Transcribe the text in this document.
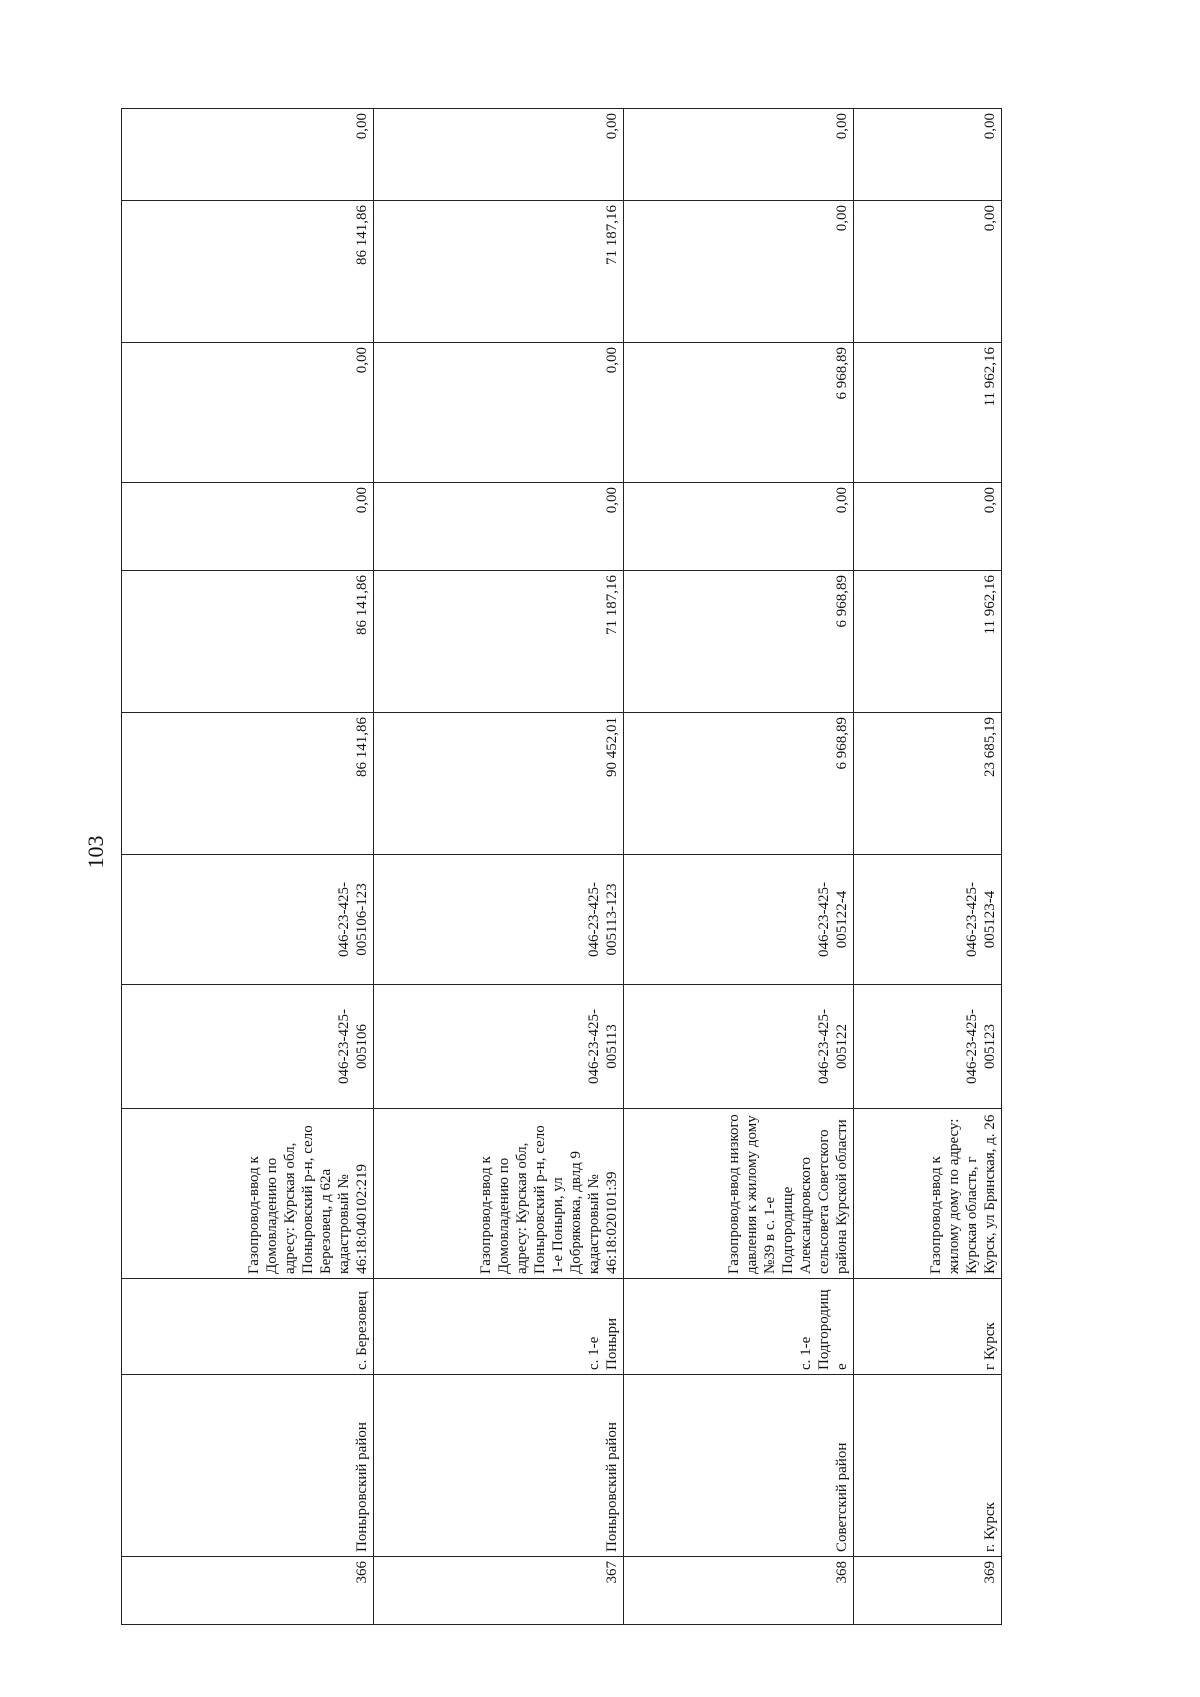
103
366	Поныровский район	с. Березовец	Газопровод-ввод к Домовладению по адресу: Курская обл, Поныровский р-н, село Березовец, д 62а кадастровый № 46:18:040102:219	046-23-425-005106	046-23-425-005106-123	86 141,86	86 141,86	0,00	0,00	86 141,86	0,00
367	Поныровский район	с. 1-е Поныри	Газопровод-ввод к Домовладению по адресу: Курская обл, Поныровский р-н, село 1-е Поныри, ул Добряковка, двлд 9 кадастровый № 46:18:020101:39	046-23-425-005113	046-23-425-005113-123	90 452,01	71 187,16	0,00	0,00	71 187,16	0,00
368	Советский район	с. 1-е Подгородище	Газопровод-ввод низкого давления к жилому дому №39 в с. 1-е Подгородище Александровского сельсовета Советского района Курской области	046-23-425-005122	046-23-425-005122-4	6 968,89	6 968,89	0,00	6 968,89	0,00	0,00
369	г. Курск	г Курск	Газопровод-ввод к жилому дому по адресу: Курская область, г Курск, ул Брянская, д. 26	046-23-425-005123	046-23-425-005123-4	23 685,19	11 962,16	0,00	11 962,16	0,00	0,00
